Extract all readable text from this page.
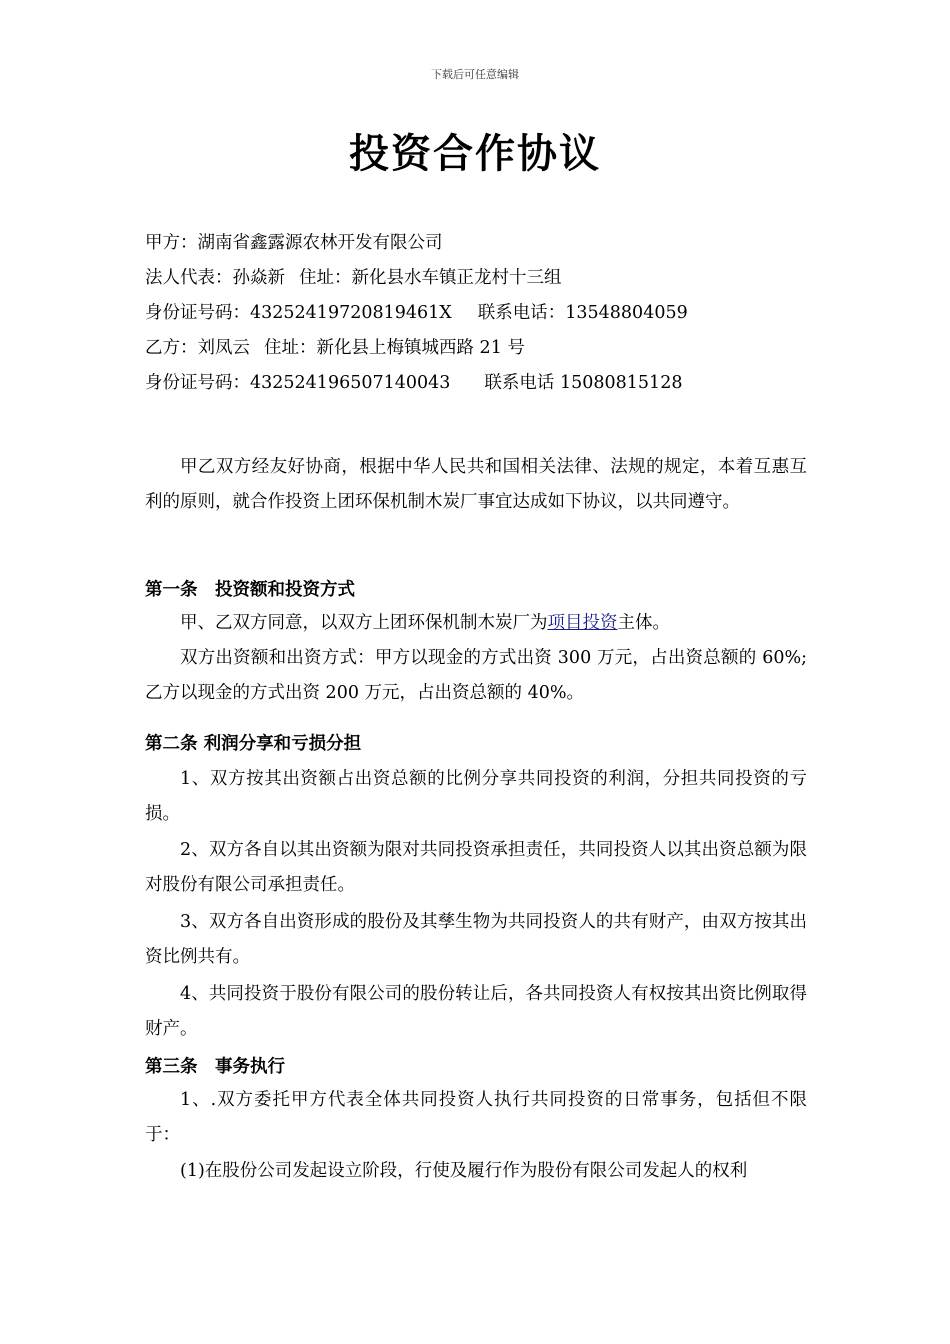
下载后可任意编辑
投资合作协议
甲方：湖南省鑫露源农林开发有限公司
法人代表：孙焱新 住址：新化县水车镇正龙村十三组
身份证号码：43252419720819461X 联系电话：13548804059
乙方：刘凤云 住址：新化县上梅镇城西路 21 号
身份证号码：432524196507140043 联系电话 15080815128
甲乙双方经友好协商，根据中华人民共和国相关法律、法规的规定，本着互惠互利的原则，就合作投资上团环保机制木炭厂事宜达成如下协议，以共同遵守。
第一条　投资额和投资方式
甲、乙双方同意，以双方上团环保机制木炭厂为项目投资主体。
双方出资额和出资方式：甲方以现金的方式出资 300 万元，占出资总额的 60%;乙方以现金的方式出资 200 万元，占出资总额的 40%。
第二条 利润分享和亏损分担
1、双方按其出资额占出资总额的比例分享共同投资的利润，分担共同投资的亏损。
2、双方各自以其出资额为限对共同投资承担责任，共同投资人以其出资总额为限对股份有限公司承担责任。
3、双方各自出资形成的股份及其孳生物为共同投资人的共有财产，由双方按其出资比例共有。
4、共同投资于股份有限公司的股份转让后，各共同投资人有权按其出资比例取得财产。
第三条　事务执行
1、.双方委托甲方代表全体共同投资人执行共同投资的日常事务，包括但不限于：
(1)在股份公司发起设立阶段，行使及履行作为股份有限公司发起人的权利
